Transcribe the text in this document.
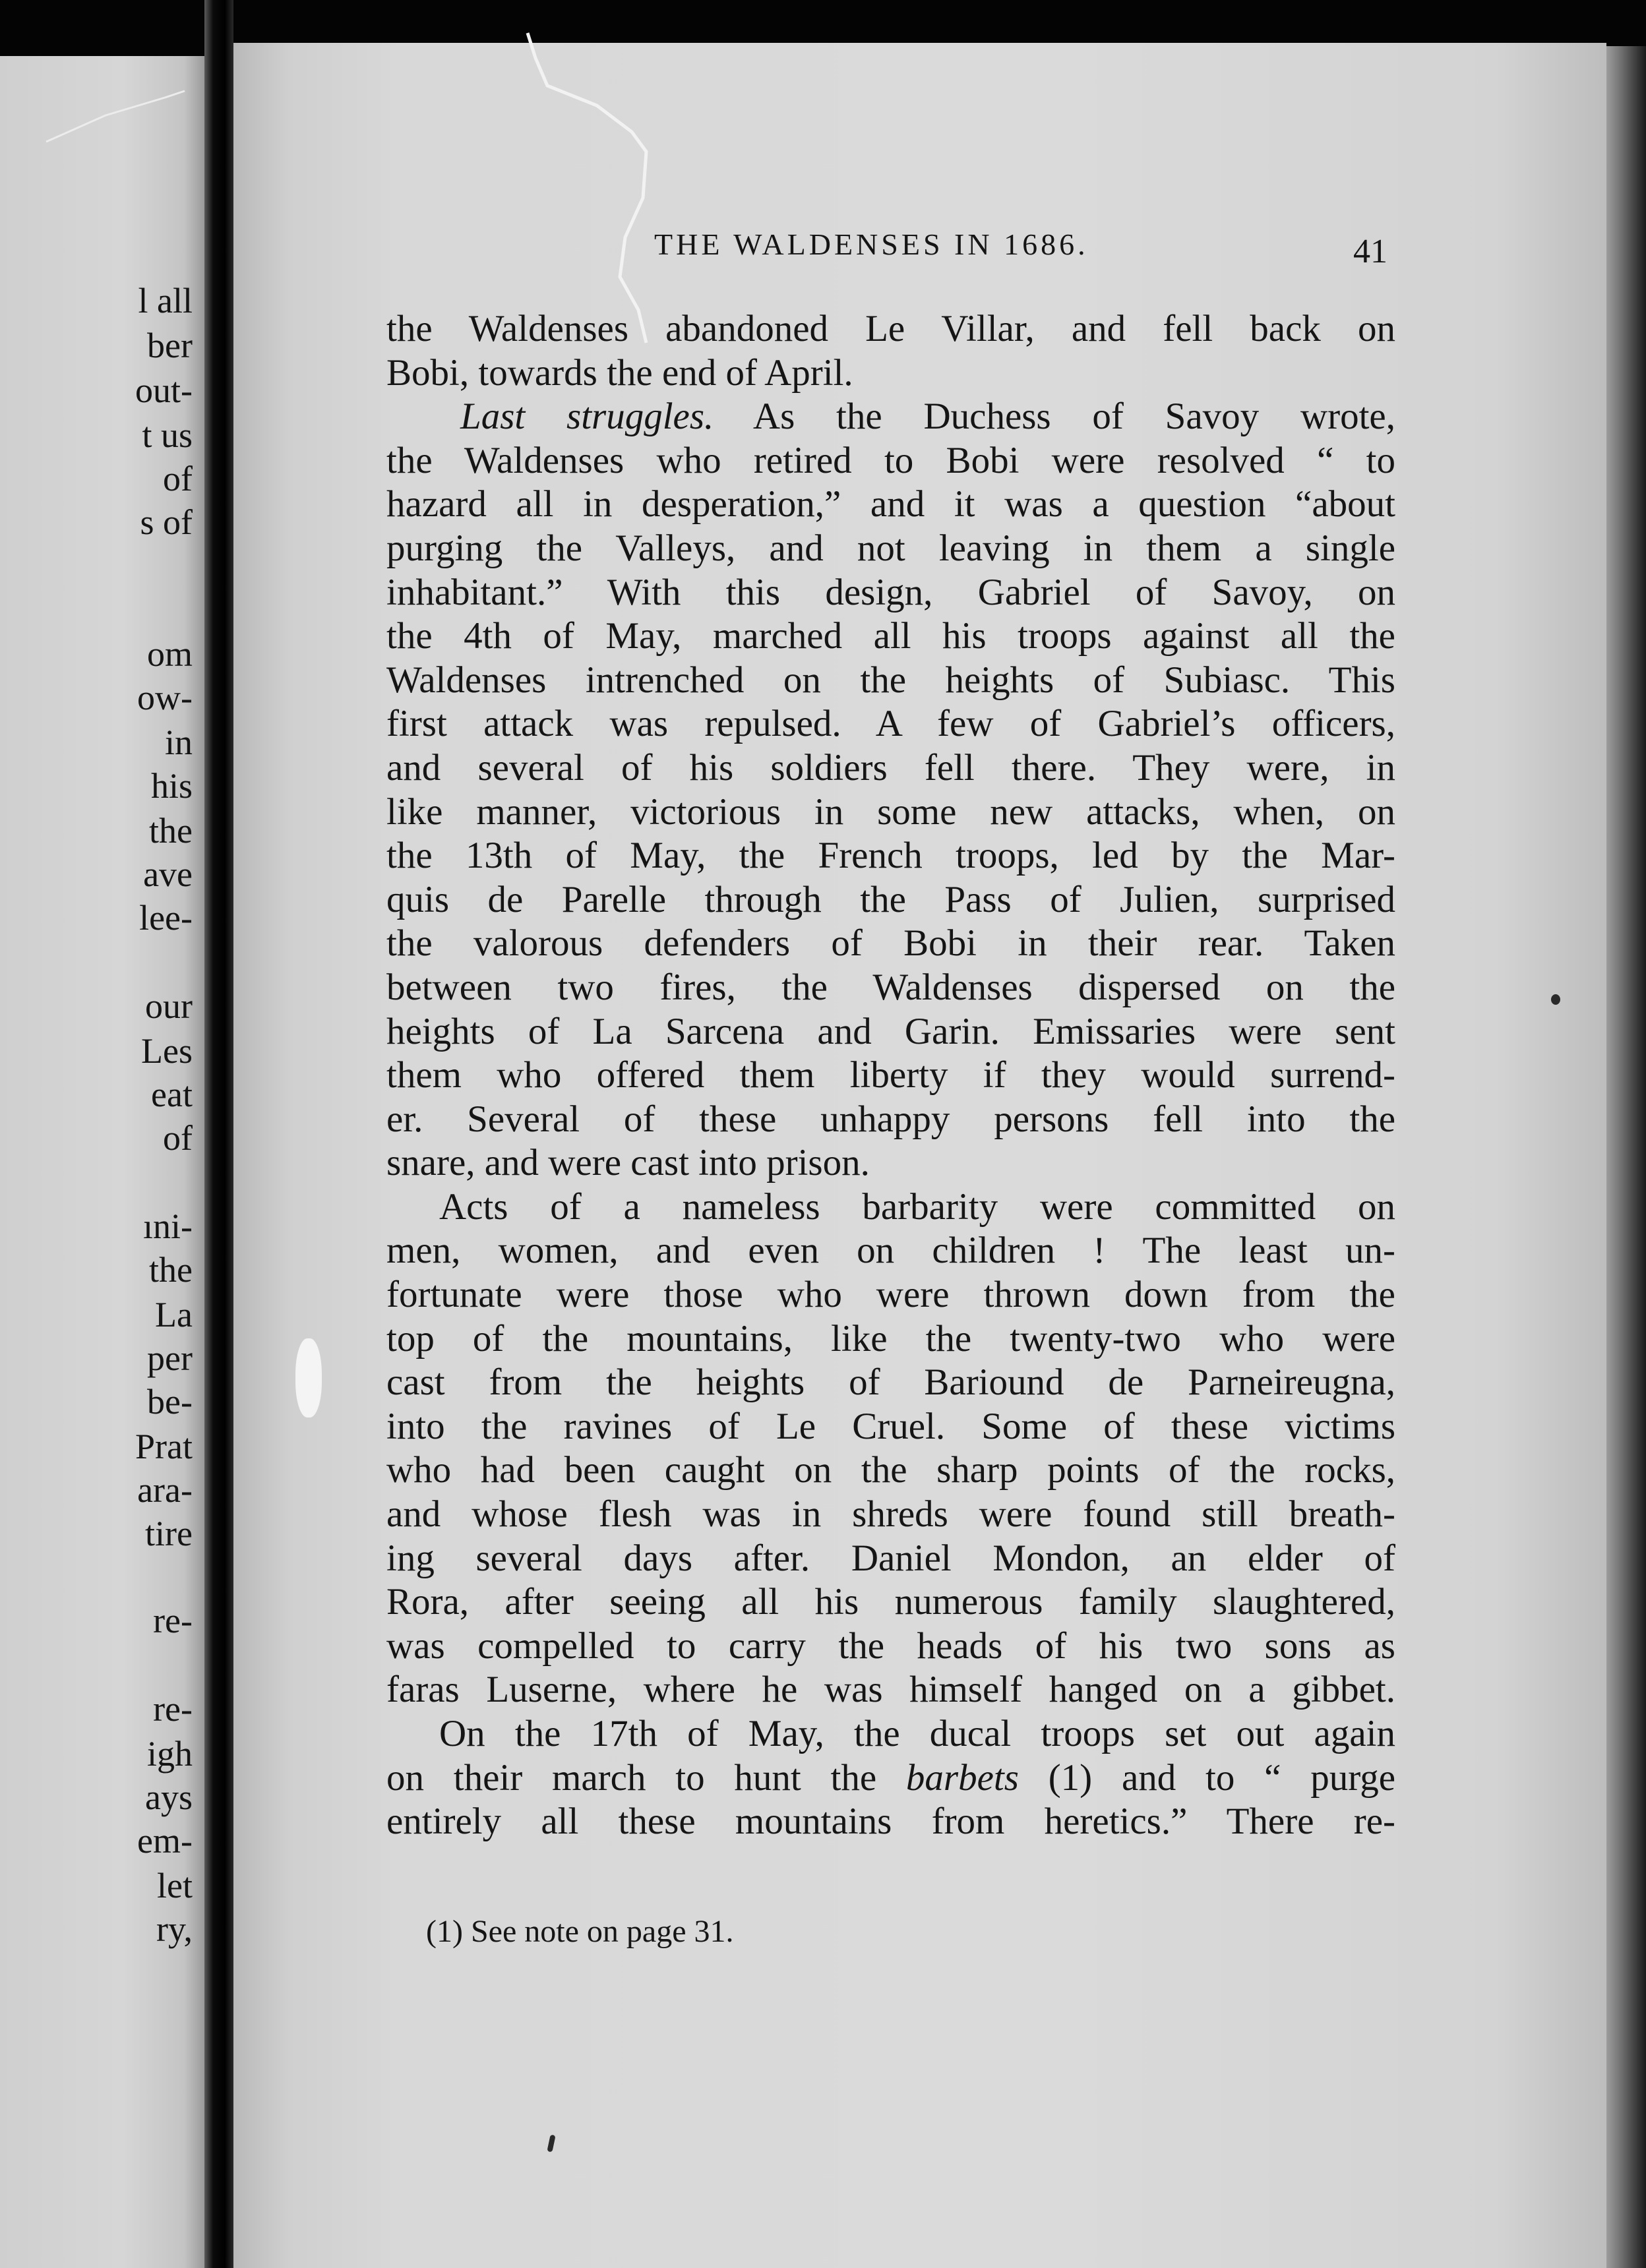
l all

ber

out-

t us

of

s of

om

ow-

in

his

the

ave

lee-

our

Les

eat

of

ıni-

the

La

per

be-

Prat

ara-

tire

re-

re-

igh

ays

em-

let

ry,

THE WALDENSES IN 1686.	41

the Waldenses abandoned Le Villar, and fell back on
Bobi, towards the end of April.
Last struggles. As the Duchess of Savoy wrote,
the Waldenses who retired to Bobi were resolved “ to
hazard all in desperation,” and it was a question “about
purging the Valleys, and not leaving in them a single
inhabitant.” With this design, Gabriel of Savoy, on
the 4th of May, marched all his troops against all the
Waldenses intrenched on the heights of Subiasc. This
first attack was repulsed. A few of Gabriel’s officers,
and several of his soldiers fell there. They were, in
like manner, victorious in some new attacks, when, on
the 13th of May, the French troops, led by the Mar-
quis de Parelle through the Pass of Julien, surprised
the valorous defenders of Bobi in their rear. Taken
between two fires, the Waldenses dispersed on the
heights of La Sarcena and Garin. Emissaries were sent
them who offered them liberty if they would surrend-
er. Several of these unhappy persons fell into the
snare, and were cast into prison.
Acts of a nameless barbarity were committed on
men, women, and even on children ! The least un-
fortunate were those who were thrown down from the
top of the mountains, like the twenty-two who were
cast from the heights of Bariound de Parneireugna,
into the ravines of Le Cruel. Some of these victims
who had been caught on the sharp points of the rocks,
and whose flesh was in shreds were found still breath-
ing several days after. Daniel Mondon, an elder of
Rora, after seeing all his numerous family slaughtered,
was compelled to carry the heads of his two sons as
faras Luserne, where he was himself hanged on a gibbet.
On the 17th of May, the ducal troops set out again
on their march to hunt the barbets (1) and to “ purge
entirely all these mountains from heretics.” There re-

(1) See note on page 31.
